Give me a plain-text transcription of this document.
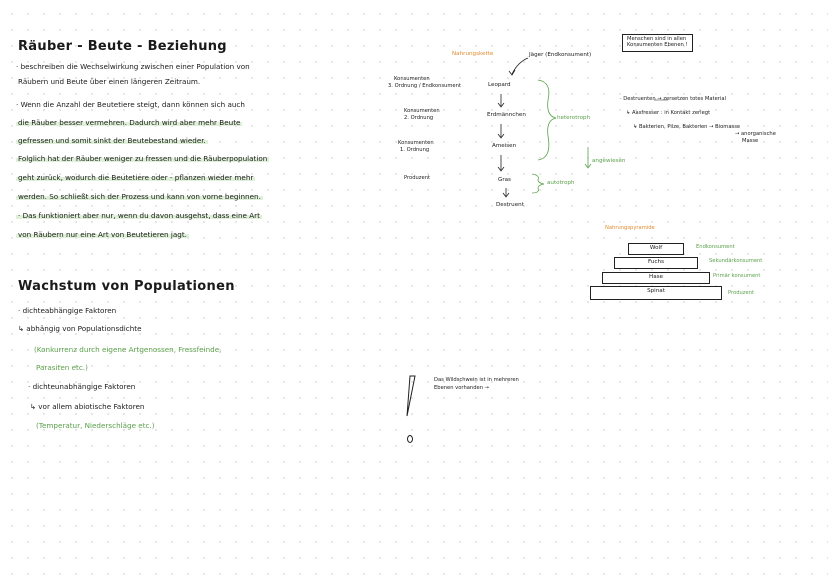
Räuber - Beute - Beziehung
· beschreiben die Wechselwirkung zwischen einer Population von
Räubern und Beute über einen längeren Zeitraum.
· Wenn die Anzahl der Beutetiere steigt, dann können sich auch
die Räuber besser vermehren. Dadurch wird aber mehr Beute
gefressen und somit sinkt der Beutebestand wieder.
Folglich hat der Räuber weniger zu fressen und die Räuberpopulation
geht zurück, wodurch die Beutetiere oder - pflanzen wieder mehr
werden. So schließt sich der Prozess und kann von vorne beginnen.
· Das funktioniert aber nur, wenn du davon ausgehst, dass eine Art
von Räubern nur eine Art von Beutetieren jagt.
Wachstum von Populationen
· dichteabhängige Faktoren
↳ abhängig von Populationsdichte
(Konkurrenz durch eigene Artgenossen, Fressfeinde,
Parasiten etc.)
· dichteunabhängige Faktoren
↳ vor allem abiotische Faktoren
(Temperatur, Niederschläge etc.)
Nahrungskette	Jäger (Endkonsument)
Konsumenten
3. Ordnung / Endkonsument	Leopard
Konsumenten
2. Ordnung	Erdmännchen
Konsumenten
1. Ordnung
Ameisen
Produzent	Gras
Destruent
heterotroph
autotroph
angewiesen
Menschen sind in allen
Konsumenten Ebenen !
· Destruenten → zersetzen totes Material
↳ Aasfresser : in Kontakt zerlegt
↳ Bakterien, Pilze, Bakterien → Biomasse
→ anorganische
Masse
Nahrungspyramide
Wolf
Fuchs
Hase
Spinat
Endkonsument
Sekundärkonsument
Primär konsument
Produzent
Das Wildschwein ist in mehreren
Ebenen vorhanden →
